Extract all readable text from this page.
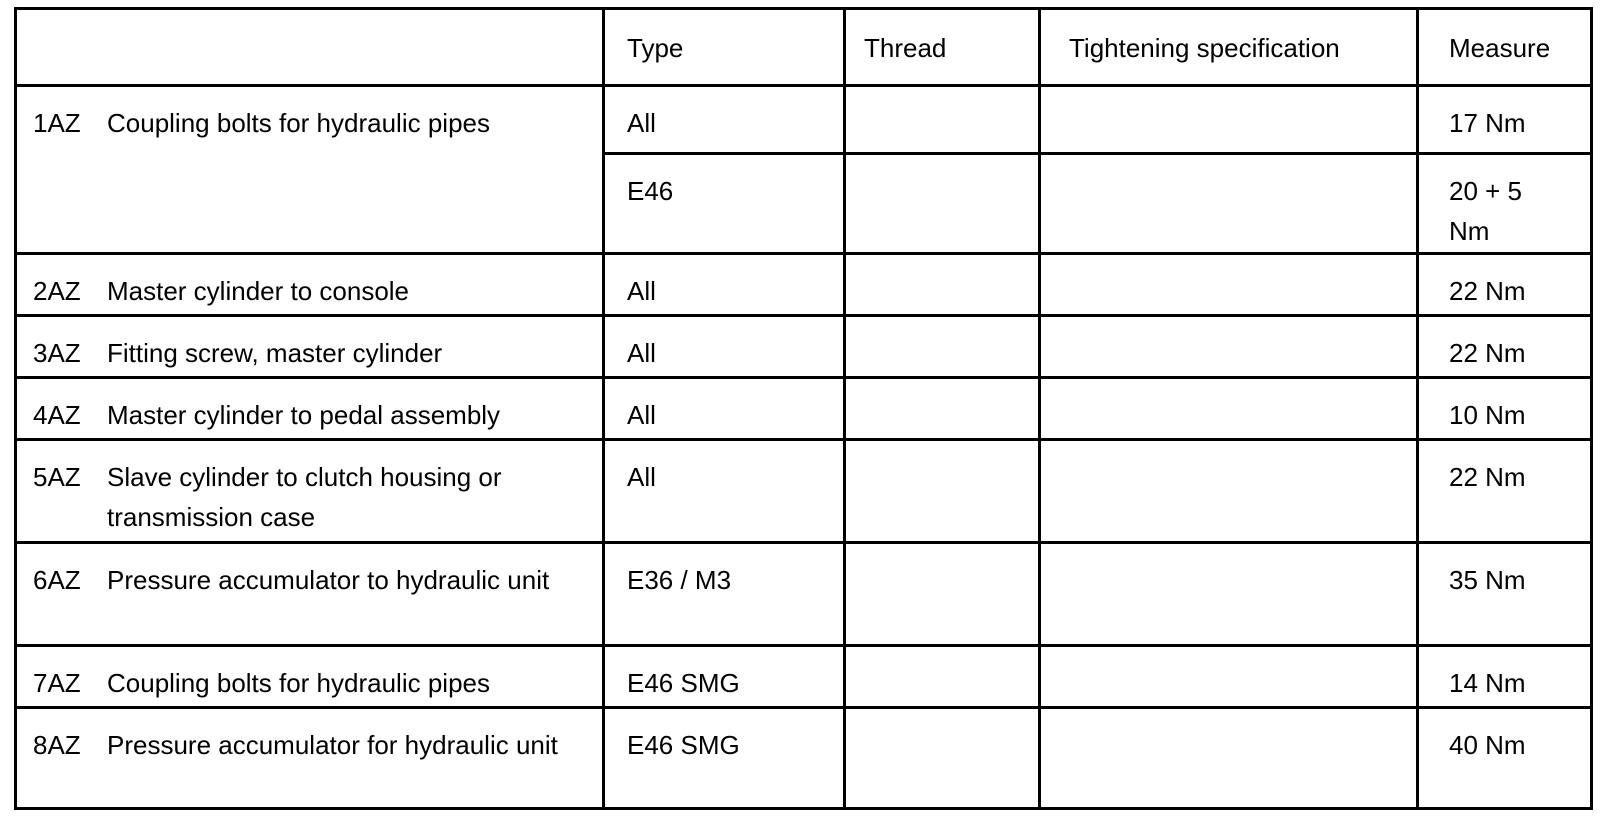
	Type	Thread	Tightening specification	Measure

1AZ Coupling bolts for hydraulic pipes	All			17 Nm
	E46			20 + 5 Nm

2AZ Master cylinder to console	All			22 Nm

3AZ Fitting screw, master cylinder	All			22 Nm

4AZ Master cylinder to pedal assembly	All			10 Nm

5AZ Slave cylinder to clutch housing or transmission case	All			22 Nm

6AZ Pressure accumulator to hydraulic unit	E36 / M3			35 Nm

7AZ Coupling bolts for hydraulic pipes	E46 SMG			14 Nm

8AZ Pressure accumulator for hydraulic unit	E46 SMG			40 Nm
